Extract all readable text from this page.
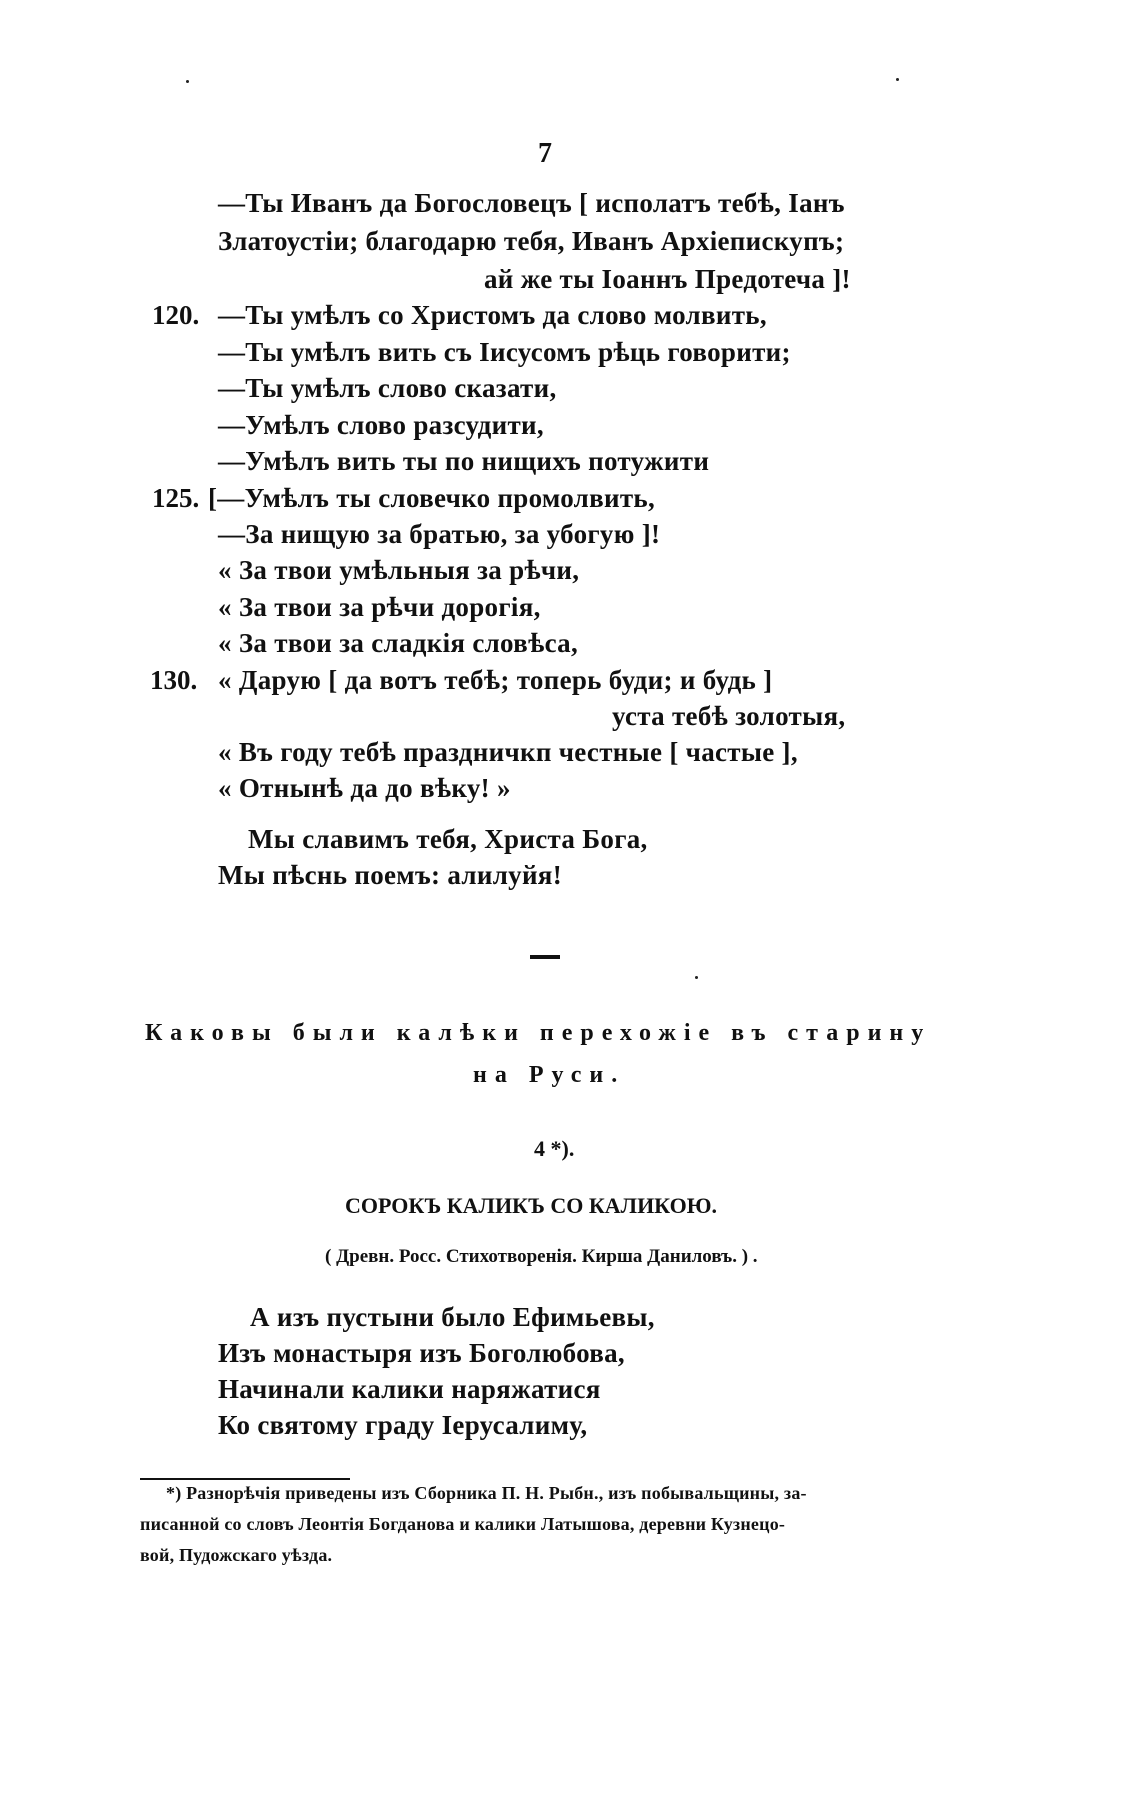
7
—Ты Иванъ да Богословецъ [ исполатъ тебѣ, Іанъ
Златоустіи; благодарю тебя, Иванъ Архіепискупъ;
ай же ты Іоаннъ Предотеча ]!
120. —Ты умѣлъ со Христомъ да слово молвить,
—Ты умѣлъ вить съ Іисусомъ рѣць говорити;
—Ты умѣлъ слово сказати,
—Умѣлъ слово разсудити,
—Умѣлъ вить ты по нищихъ потужити
125. [—Умѣлъ ты словечко промолвить,
—За нищую за братью, за убогую ]!
« За твои умѣльныя за рѣчи,
« За твои за рѣчи дорогія,
« За твои за сладкія словѣса,
130. « Дарую [ да вотъ тебѣ; топерь буди; и будь ]
уста тебѣ золотыя,
« Въ году тебѣ праздничкп честные [ частые ],
« Отнынѣ да до вѣку! »
Мы славимъ тебя, Христа Бога,
Мы пѣснь поемъ: алилуйя!
Каковы были калѣки перехожіе въ старину
на Руси.
4 *).
СОРОКЪ КАЛИКЪ СО КАЛИКОЮ.
( Древн. Росс. Стихотворенія. Кирша Даниловъ. ) .
А изъ пустыни было Ефимьевы,
Изъ монастыря изъ Боголюбова,
Начинали калики наряжатися
Ко святому граду Іерусалиму,
*) Разнорѣчія приведены изъ Сборника П. Н. Рыбн., изъ побывальщины, за-
писанной со словъ Леонтія Богданова и калики Латышова, деревни Кузнецо-
вой, Пудожскаго уѣзда.
